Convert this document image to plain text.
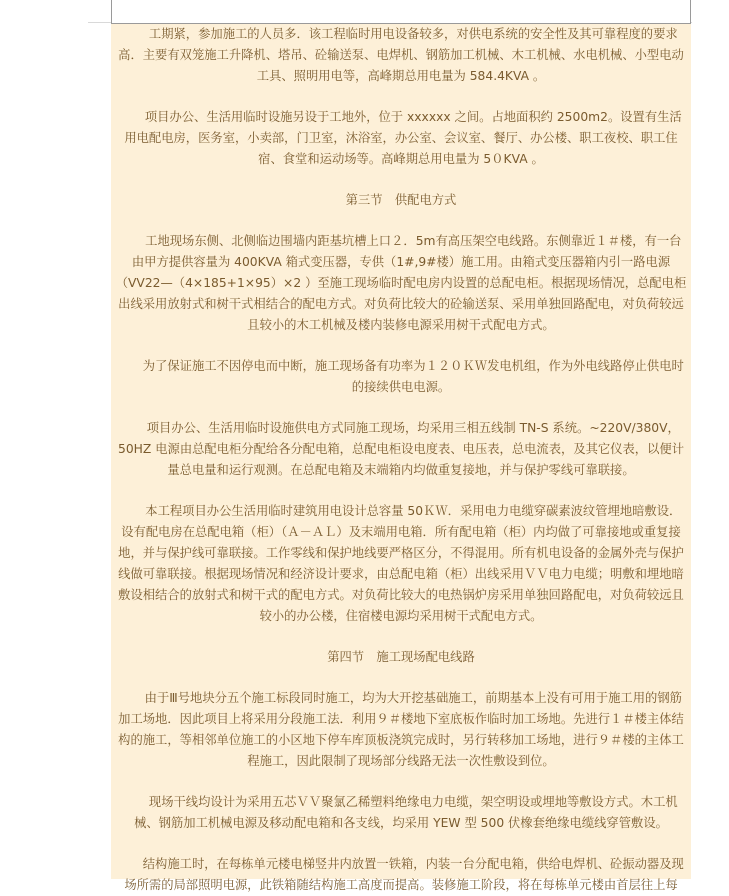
工期紧，参加施工的人员多．该工程临时用电设备较多，对供电系统的安全性及其可靠程度的要求高．主要有双笼施工升降机、塔吊、砼输送泵、电焊机、钢筋加工机械、木工机械、水电机械、小型电动工具、照明用电等，高峰期总用电量为 584.4KVA 。

项目办公、生活用临时设施另设于工地外，位于 xxxxxx 之间。占地面积约 2500m2。设置有生活用电配电房，医务室，小卖部，门卫室，沐浴室，办公室、会议室、餐厅、办公楼、职工夜校、职工住宿、食堂和运动场等。高峰期总用电量为 5０KVA 。

第三节　供配电方式

工地现场东侧、北侧临边围墙内距基坑槽上口２．5m有高压架空电线路。东侧靠近１＃楼，有一台由甲方提供容量为 400KVA 箱式变压器，专供（1#,9#楼）施工用。由箱式变压器箱内引一路电源（VV22—（4×185+1×95）×2 ）至施工现场临时配电房内设置的总配电柜。根据现场情况，总配电柜出线采用放射式和树干式相结合的配电方式。对负荷比较大的砼输送泵、采用单独回路配电，对负荷较远且较小的木工机械及楼内装修电源采用树干式配电方式。

为了保证施工不因停电而中断，施工现场备有功率为１２０ＫＷ发电机组，作为外电线路停止供电时的接续供电电源。

项目办公、生活用临时设施供电方式同施工现场，均采用三相五线制 TN-S 系统。~220V/380V，50HZ 电源由总配电柜分配给各分配电箱，总配电柜设电度表、电压表，总电流表，及其它仪表，以便计量总电量和运行观测。在总配电箱及末端箱内均做重复接地，并与保护零线可靠联接。

本工程项目办公生活用临时建筑用电设计总容量 50ＫＷ．采用电力电缆穿碳素波纹管埋地暗敷设．设有配电房在总配电箱（柜）（Ａ－ＡＬ）及末端用电箱．所有配电箱（柜）内均做了可靠接地或重复接地，并与保护线可靠联接。工作零线和保护地线要严格区分，不得混用。所有机电设备的金属外壳与保护线做可靠联接。根据现场情况和经济设计要求，由总配电箱（柜）出线采用ＶＶ电力电缆；明敷和埋地暗敷设相结合的放射式和树干式的配电方式。对负荷比较大的电热锅炉房采用单独回路配电，对负荷较远且较小的办公楼，住宿楼电源均采用树干式配电方式。

第四节　施工现场配电线路

由于Ⅲ号地块分五个施工标段同时施工，均为大开挖基础施工，前期基本上没有可用于施工用的钢筋加工场地．因此项目上将采用分段施工法．利用９＃楼地下室底板作临时加工场地。先进行１＃楼主体结构的施工，等相邻单位施工的小区地下停车库顶板浇筑完成时，另行转移加工场地，进行９＃楼的主体工程施工，因此限制了现场部分线路无法一次性敷设到位。

现场干线均设计为采用五芯ＶＶ聚氯乙稀塑料绝缘电力电缆，架空明设或埋地等敷设方式。木工机械、钢筋加工机械电源及移动配电箱和各支线，均采用 YEW 型 500 伏橡套绝缘电缆线穿管敷设。

结构施工时，在每栋单元楼电梯竖井内放置一铁箱，内装一台分配电箱，供给电焊机、砼振动器及现场所需的局部照明电源，此铁箱随结构施工高度而提高。装修施工阶段，将在每栋单元楼由首层往上每
